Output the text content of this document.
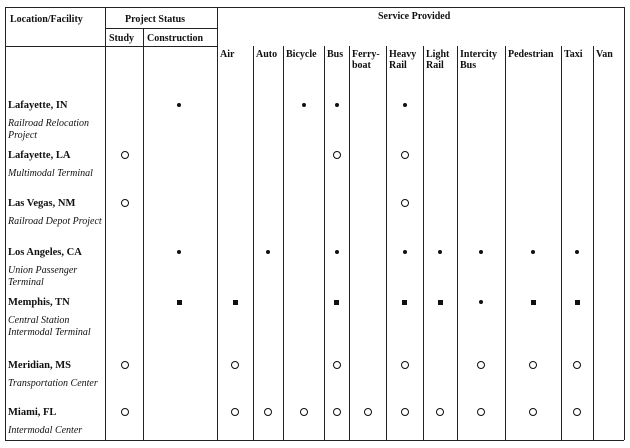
Location/Facility	Project Status	Service Provided
Study Construction
Air Auto Bicycle Bus Ferry-
boat
Heavy
Rail
Light
Rail
Intercity
Bus
Pedestrian Taxi Van
Lafayette, IN
Railroad Relocation Project
Lafayette, LA
Multimodal Terminal
Las Vegas, NM
Railroad Depot Project
Los Angeles, CA
Union Passenger Terminal
Memphis, TN
Central Station Intermodal Terminal
Meridian, MS
Transportation Center
Miami, FL
Intermodal Center
